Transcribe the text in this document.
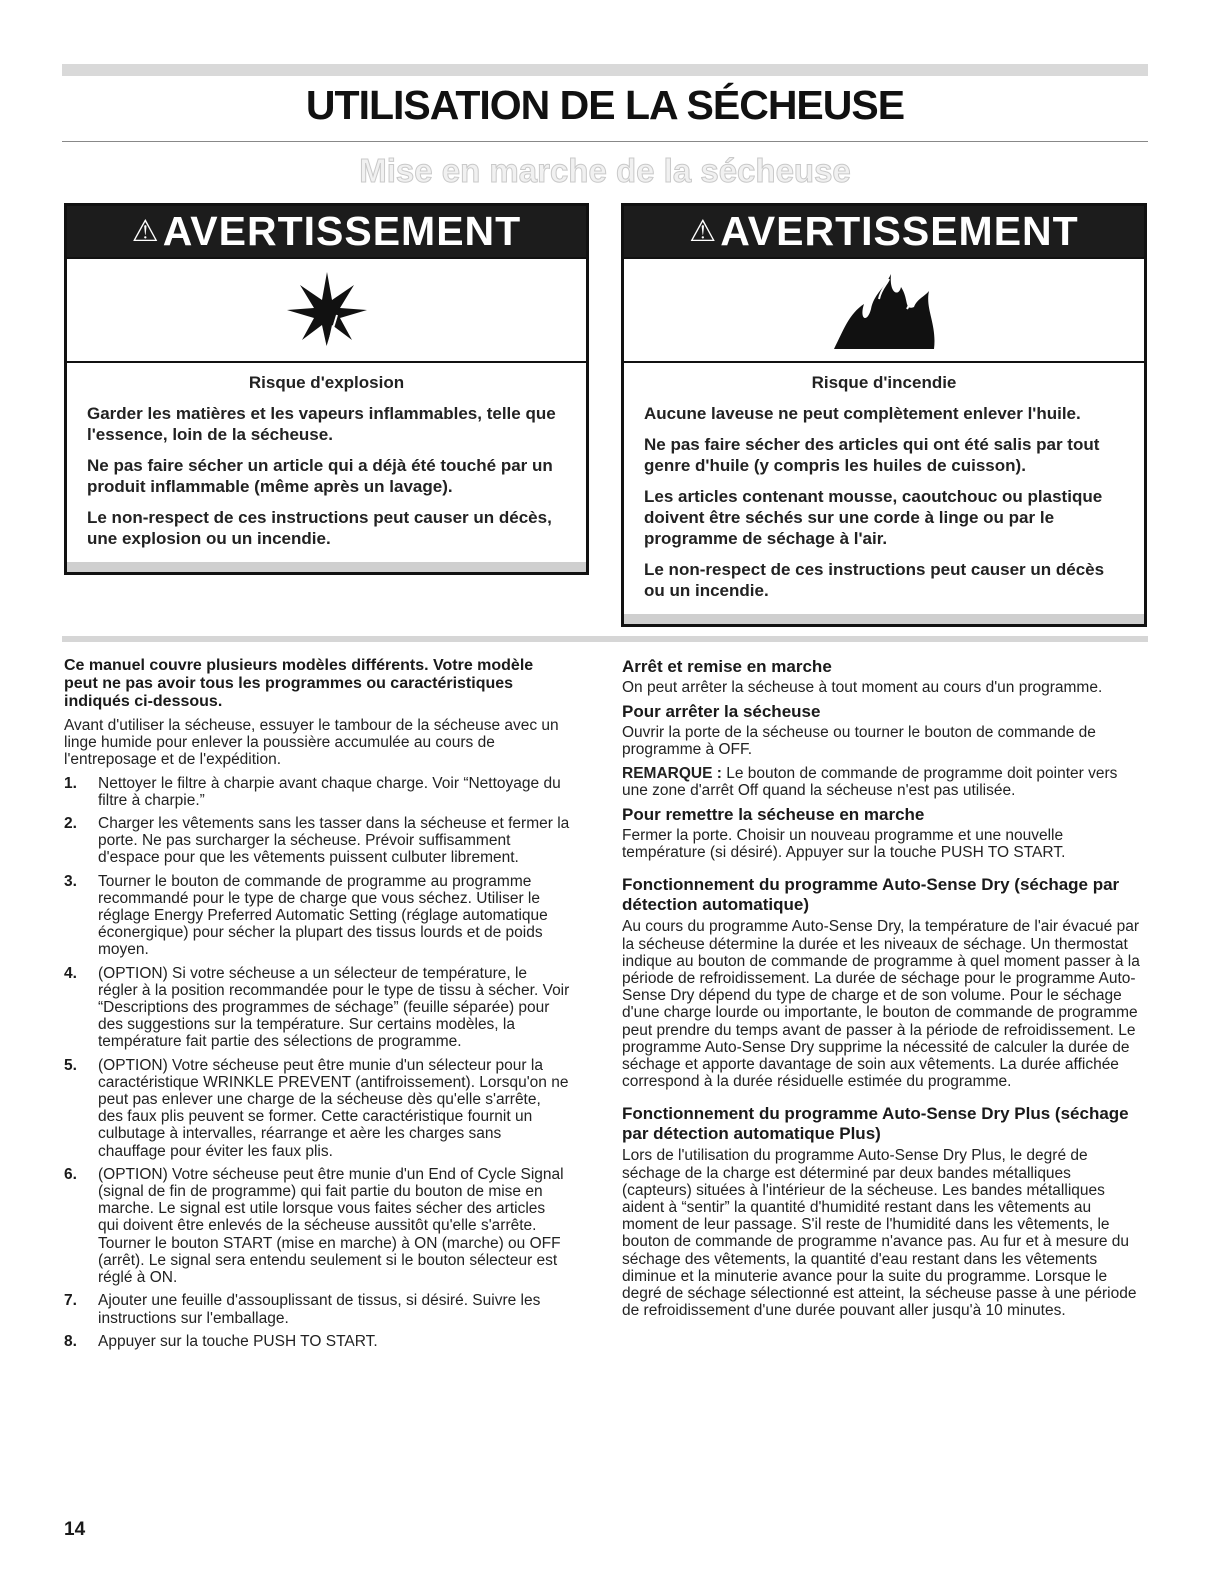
UTILISATION DE LA SÉCHEUSE
Mise en marche de la sécheuse
⚠ AVERTISSEMENT

Risque d'explosion

Garder les matières et les vapeurs inflammables, telle que l'essence, loin de la sécheuse.

Ne pas faire sécher un article qui a déjà été touché par un produit inflammable (même après un lavage).

Le non-respect de ces instructions peut causer un décès, une explosion ou un incendie.

⚠ AVERTISSEMENT

Risque d'incendie

Aucune laveuse ne peut complètement enlever l'huile.

Ne pas faire sécher des articles qui ont été salis par tout genre d'huile (y compris les huiles de cuisson).

Les articles contenant mousse, caoutchouc ou plastique doivent être séchés sur une corde à linge ou par le programme de séchage à l'air.

Le non-respect de ces instructions peut causer un décès ou un incendie.

Ce manuel couvre plusieurs modèles différents. Votre modèle peut ne pas avoir tous les programmes ou caractéristiques indiqués ci-dessous.

Avant d'utiliser la sécheuse, essuyer le tambour de la sécheuse avec un linge humide pour enlever la poussière accumulée au cours de l'entreposage et de l'expédition.

1.	Nettoyer le filtre à charpie avant chaque charge. Voir “Nettoyage du filtre à charpie.”
2.	Charger les vêtements sans les tasser dans la sécheuse et fermer la porte. Ne pas surcharger la sécheuse. Prévoir suffisamment d'espace pour que les vêtements puissent culbuter librement.
3.	Tourner le bouton de commande de programme au programme recommandé pour le type de charge que vous séchez. Utiliser le réglage Energy Preferred Automatic Setting (réglage automatique éconergique) pour sécher la plupart des tissus lourds et de poids moyen.
4.	(OPTION) Si votre sécheuse a un sélecteur de température, le régler à la position recommandée pour le type de tissu à sécher. Voir “Descriptions des programmes de séchage” (feuille séparée) pour des suggestions sur la température. Sur certains modèles, la température fait partie des sélections de programme.
5.	(OPTION) Votre sécheuse peut être munie d'un sélecteur pour la caractéristique WRINKLE PREVENT (antifroissement). Lorsqu'on ne peut pas enlever une charge de la sécheuse dès qu'elle s'arrête, des faux plis peuvent se former. Cette caractéristique fournit un culbutage à intervalles, réarrange et aère les charges sans chauffage pour éviter les faux plis.
6.	(OPTION) Votre sécheuse peut être munie d'un End of Cycle Signal (signal de fin de programme) qui fait partie du bouton de mise en marche. Le signal est utile lorsque vous faites sécher des articles qui doivent être enlevés de la sécheuse aussitôt qu'elle s'arrête. Tourner le bouton START (mise en marche) à ON (marche) ou OFF (arrêt). Le signal sera entendu seulement si le bouton sélecteur est réglé à ON.
7.	Ajouter une feuille d'assouplissant de tissus, si désiré. Suivre les instructions sur l'emballage.
8.	Appuyer sur la touche PUSH TO START.

Arrêt et remise en marche

On peut arrêter la sécheuse à tout moment au cours d'un programme.

Pour arrêter la sécheuse

Ouvrir la porte de la sécheuse ou tourner le bouton de commande de programme à OFF.

REMARQUE : Le bouton de commande de programme doit pointer vers une zone d'arrêt Off quand la sécheuse n'est pas utilisée.

Pour remettre la sécheuse en marche

Fermer la porte. Choisir un nouveau programme et une nouvelle température (si désiré). Appuyer sur la touche PUSH TO START.

Fonctionnement du programme Auto-Sense Dry (séchage par détection automatique)

Au cours du programme Auto-Sense Dry, la température de l'air évacué par la sécheuse détermine la durée et les niveaux de séchage. Un thermostat indique au bouton de commande de programme à quel moment passer à la période de refroidissement. La durée de séchage pour le programme Auto-Sense Dry dépend du type de charge et de son volume. Pour le séchage d'une charge lourde ou importante, le bouton de commande de programme peut prendre du temps avant de passer à la période de refroidissement. Le programme Auto-Sense Dry supprime la nécessité de calculer la durée de séchage et apporte davantage de soin aux vêtements. La durée affichée correspond à la durée résiduelle estimée du programme.

Fonctionnement du programme Auto-Sense Dry Plus (séchage par détection automatique Plus)

Lors de l'utilisation du programme Auto-Sense Dry Plus, le degré de séchage de la charge est déterminé par deux bandes métalliques (capteurs) situées à l'intérieur de la sécheuse. Les bandes métalliques aident à “sentir” la quantité d'humidité restant dans les vêtements au moment de leur passage. S'il reste de l'humidité dans les vêtements, le bouton de commande de programme n'avance pas. Au fur et à mesure du séchage des vêtements, la quantité d'eau restant dans les vêtements diminue et la minuterie avance pour la suite du programme. Lorsque le degré de séchage sélectionné est atteint, la sécheuse passe à une période de refroidissement d'une durée pouvant aller jusqu'à 10 minutes.

14
